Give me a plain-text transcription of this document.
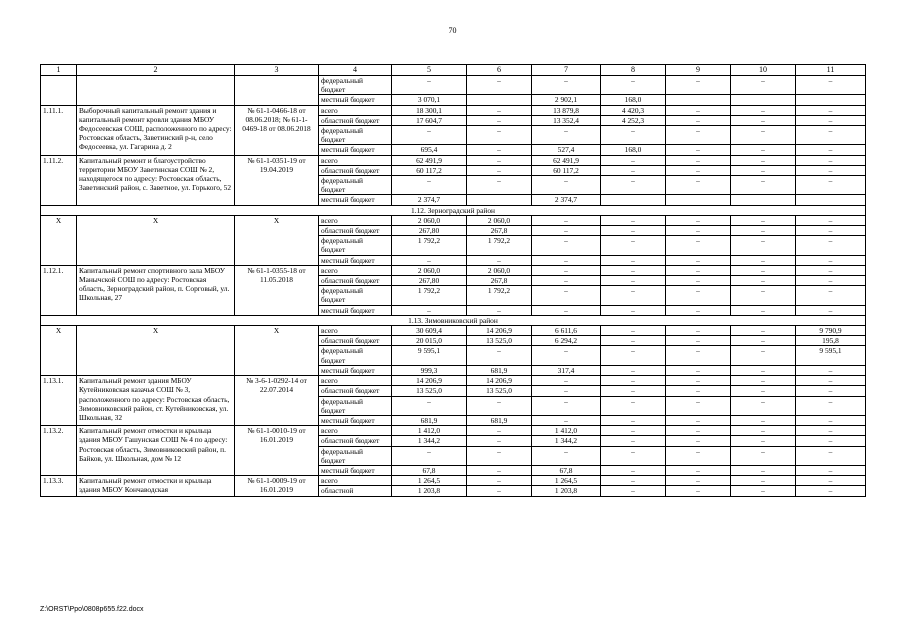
70
1	2	3	4	5	6	7	8	9	10	11
			федеральный бюджет	–	–	–	–	–	–	–
			местный бюджет	3 070,1		2 902,1	168,0			
1.11.1.	Выборочный капитальный ремонт здания и капитальный ремонт кровли здания МБОУ Федосеевская СОШ, расположенного по адресу: Ростовская область, Заветинский р-н, село Федосеевка, ул. Гагарина д. 2	№ 61-1-0466-18 от 08.06.2018; № 61-1-0469-18 от 08.06.2018	всего	18 300,1	–	13 879,8	4 420,3	–	–	–
			областной бюджет	17 604,7	–	13 352,4	4 252,3	–	–	–
			федеральный бюджет	–	–	–	–	–	–	–
			местный бюджет	695,4	–	527,4	168,0	–	–	–
1.11.2.	Капитальный ремонт и благоустройство территории МБОУ Заветинская СОШ № 2, находящегося по адресу: Ростовская область, Заветинский район, с. Заветное, ул. Горького, 52	№ 61-1-0351-19 от 19.04.2019	всего	62 491,9	–	62 491,9	–	–	–	–
			областной бюджет	60 117,2	–	60 117,2	–	–	–	–
			федеральный бюджет	–	–	–	–	–	–	–
			местный бюджет	2 374,7		2 374,7				
1.12. Зерноградский район										
X	X	X	всего	2 060,0	2 060,0	–	–	–	–	–
			областной бюджет	267,80	267,8	–	–	–	–	–
			федеральный бюджет	1 792,2	1 792,2	–	–	–	–	–
			местный бюджет	–	–	–	–	–	–	–
1.12.1.	Капитальный ремонт спортивного зала МБОУ Манычской СОШ по адресу: Ростовская область, Зерноградский район, п. Сорговый, ул. Школьная, 27	№ 61-1-0355-18 от 11.05.2018	всего	2 060,0	2 060,0	–	–	–	–	–
			областной бюджет	267,80	267,8	–	–	–	–	–
			федеральный бюджет	1 792,2	1 792,2	–	–	–	–	–
			местный бюджет	–	–	–	–	–	–	–
1.13. Зимовниковский район										
X	X	X	всего	30 609,4	14 206,9	6 611,6	–	–	–	9 790,9
			областной бюджет	20 015,0	13 525,0	6 294,2	–	–	–	195,8
			федеральный бюджет	9 595,1	–	–	–	–	–	9 595,1
			местный бюджет	999,3	681,9	317,4	–	–	–	–
1.13.1.	Капитальный ремонт здания МБОУ Кутейниковская казачья СОШ № 3, расположенного по адресу: Ростовская область, Зимовниковский район, ст. Кутейниковская, ул. Школьная, 32	№ 3-6-1-0292-14 от 22.07.2014	всего	14 206,9	14 206,9	–	–	–	–	–
			областной бюджет	13 525,0	13 525,0	–	–	–	–	–
			федеральный бюджет	–	–	–	–	–	–	–
			местный бюджет	681,9	681,9	–	–	–	–	–
1.13.2.	Капитальный ремонт отмостки и крыльца здания МБОУ Гашунская СОШ № 4 по адресу: Ростовская область, Зимовниковский район, п. Байков, ул. Школьная, дом № 12	№ 61-1-0010-19 от 16.01.2019	всего	1 412,0	–	1 412,0	–	–	–	–
			областной бюджет	1 344,2	–	1 344,2	–	–	–	–
			федеральный бюджет	–	–	–	–	–	–	–
			местный бюджет	67,8	–	67,8	–	–	–	–
1.13.3.	Капитальный ремонт отмостки и крыльца здания МБОУ Кончаводская	№ 61-1-0009-19 от 16.01.2019	всего	1 264,5	–	1 264,5	–	–	–	–
			областной	1 203,8	–	1 203,8	–	–	–	–
Z:\ORST\Ppo\0808p655.f22.docx
